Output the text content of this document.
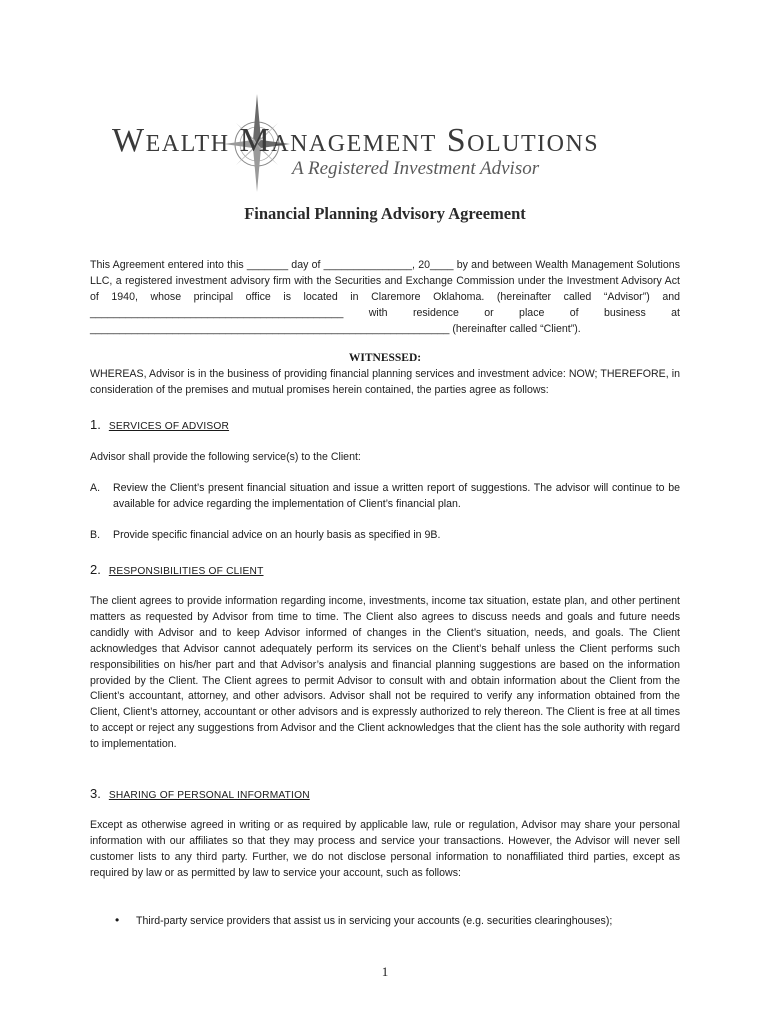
Wealth Management Solutions
A Registered Investment Advisor
Financial Planning Advisory Agreement
This Agreement entered into this _______ day of _______________, 20____ by and between Wealth Management Solutions LLC, a registered investment advisory firm with the Securities and Exchange Commission under the Investment Advisory Act of 1940, whose principal office is located in Claremore Oklahoma. (hereinafter called “Advisor”) and ___________________________________________ with residence or place of business at _____________________________________________________________ (hereinafter called “Client”).
WITNESSED:
WHEREAS, Advisor is in the business of providing financial planning services and investment advice: NOW; THEREFORE, in consideration of the premises and mutual promises herein contained, the parties agree as follows:
1. SERVICES OF ADVISOR
Advisor shall provide the following service(s) to the Client:
A. Review the Client’s present financial situation and issue a written report of suggestions. The advisor will continue to be available for advice regarding the implementation of Client’s financial plan.
B. Provide specific financial advice on an hourly basis as specified in 9B.
2. RESPONSIBILITIES OF CLIENT
The client agrees to provide information regarding income, investments, income tax situation, estate plan, and other pertinent matters as requested by Advisor from time to time. The Client also agrees to discuss needs and goals and future needs candidly with Advisor and to keep Advisor informed of changes in the Client’s situation, needs, and goals. The Client acknowledges that Advisor cannot adequately perform its services on the Client’s behalf unless the Client performs such responsibilities on his/her part and that Advisor’s analysis and financial planning suggestions are based on the information provided by the Client. The Client agrees to permit Advisor to consult with and obtain information about the Client from the Client’s accountant, attorney, and other advisors. Advisor shall not be required to verify any information obtained from the Client, Client’s attorney, accountant or other advisors and is expressly authorized to rely thereon. The Client is free at all times to accept or reject any suggestions from Advisor and the Client acknowledges that the client has the sole authority with regard to implementation.
3. SHARING OF PERSONAL INFORMATION
Except as otherwise agreed in writing or as required by applicable law, rule or regulation, Advisor may share your personal information with our affiliates so that they may process and service your transactions. However, the Advisor will never sell customer lists to any third party. Further, we do not disclose personal information to nonaffiliated third parties, except as required by law or as permitted by law to service your account, such as follows:
• Third-party service providers that assist us in servicing your accounts (e.g. securities clearinghouses);
1
